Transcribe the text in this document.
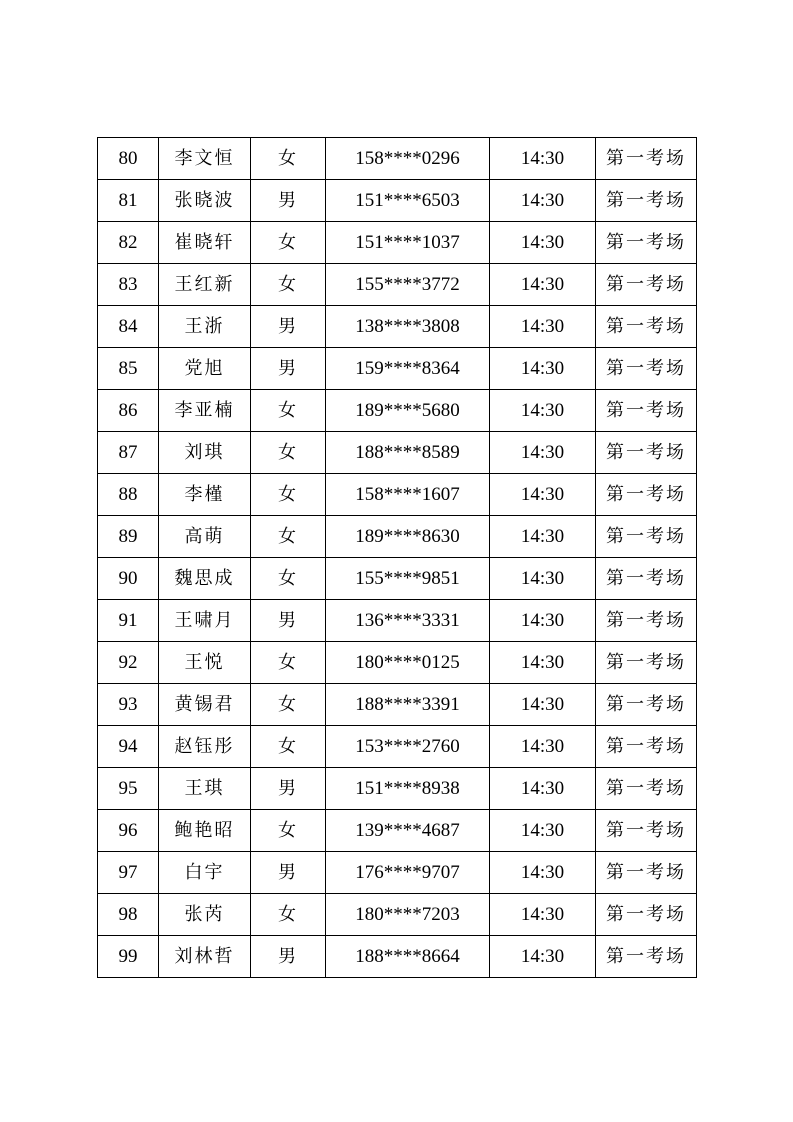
80	李文恒	女	158****0296	14:30	第一考场
81	张晓波	男	151****6503	14:30	第一考场
82	崔晓轩	女	151****1037	14:30	第一考场
83	王红新	女	155****3772	14:30	第一考场
84	王浙	男	138****3808	14:30	第一考场
85	党旭	男	159****8364	14:30	第一考场
86	李亚楠	女	189****5680	14:30	第一考场
87	刘琪	女	188****8589	14:30	第一考场
88	李槿	女	158****1607	14:30	第一考场
89	高萌	女	189****8630	14:30	第一考场
90	魏思成	女	155****9851	14:30	第一考场
91	王啸月	男	136****3331	14:30	第一考场
92	王悦	女	180****0125	14:30	第一考场
93	黄锡君	女	188****3391	14:30	第一考场
94	赵钰彤	女	153****2760	14:30	第一考场
95	王琪	男	151****8938	14:30	第一考场
96	鲍艳昭	女	139****4687	14:30	第一考场
97	白宇	男	176****9707	14:30	第一考场
98	张芮	女	180****7203	14:30	第一考场
99	刘林哲	男	188****8664	14:30	第一考场
